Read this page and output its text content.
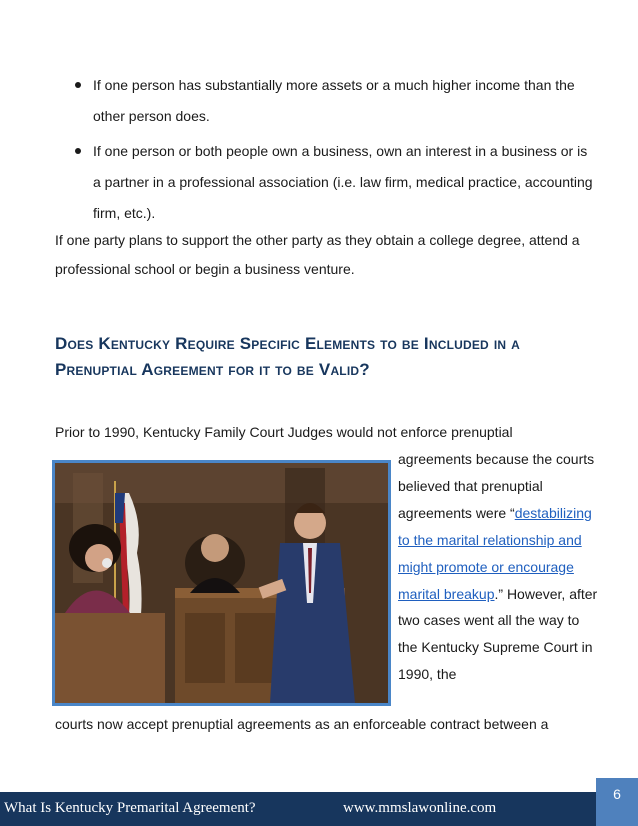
If one person has substantially more assets or a much higher income than the other person does.
If one person or both people own a business, own an interest in a business or is a partner in a professional association (i.e. law firm, medical practice, accounting firm, etc.).

If one party plans to support the other party as they obtain a college degree, attend a professional school or begin a business venture.

Does Kentucky Require Specific Elements to be Included in a Prenuptial Agreement for it to be Valid?

Prior to 1990, Kentucky Family Court Judges would not enforce prenuptial

agreements because the courts believed that prenuptial agreements were “destabilizing to the marital relationship and might promote or encourage marital breakup.” However, after two cases went all the way to the Kentucky Supreme Court in 1990, the

courts now accept prenuptial agreements as an enforceable contract between a

6
What Is Kentucky Premarital Agreement?	www.mmslawonline.com
